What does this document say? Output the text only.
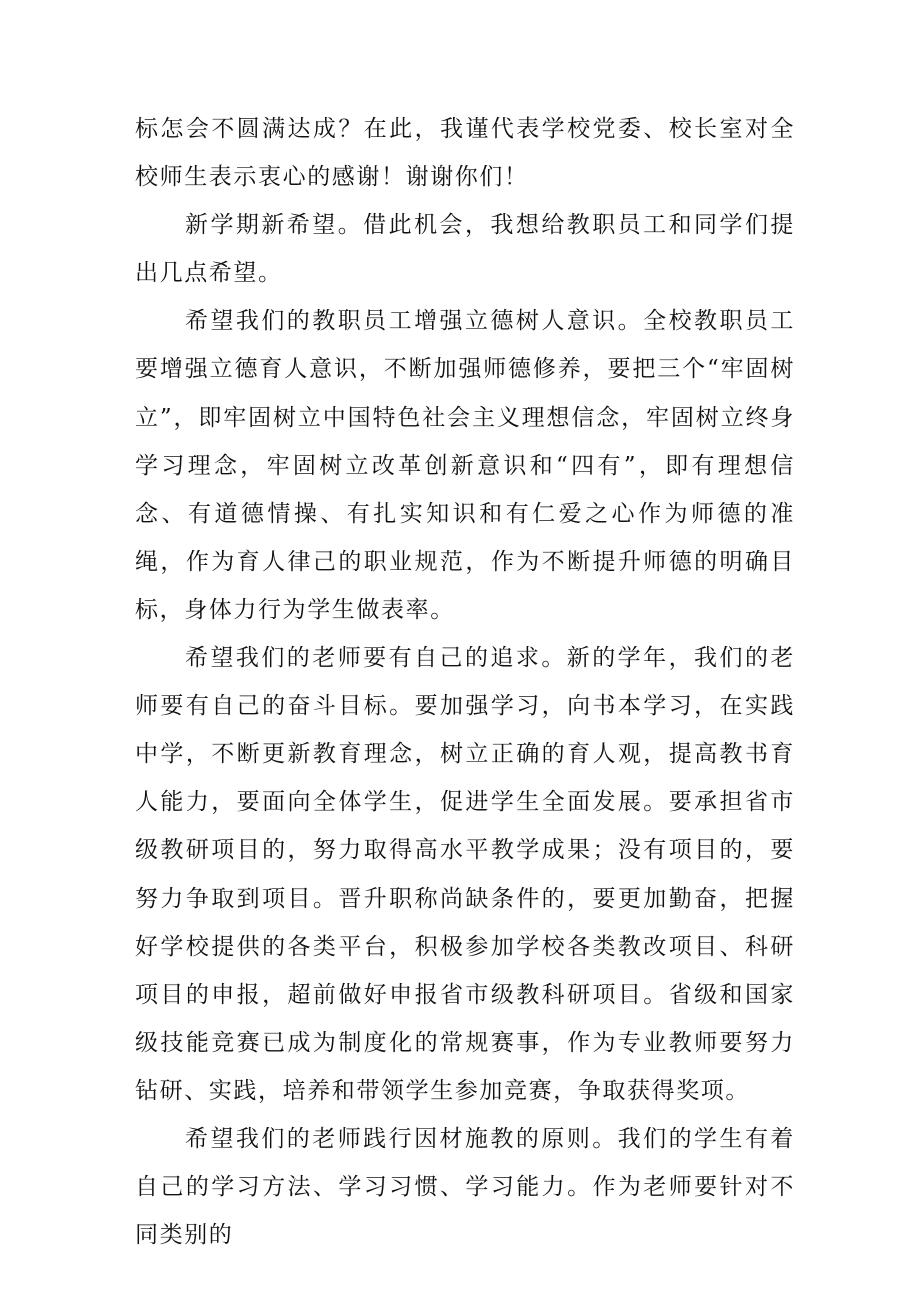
标怎会不圆满达成？在此，我谨代表学校党委、校长室对全校师生表示衷心的感谢！谢谢你们！

新学期新希望。借此机会，我想给教职员工和同学们提出几点希望。

希望我们的教职员工增强立德树人意识。全校教职员工要增强立德育人意识，不断加强师德修养，要把三个“牢固树立”，即牢固树立中国特色社会主义理想信念，牢固树立终身学习理念，牢固树立改革创新意识和“四有”，即有理想信念、有道德情操、有扎实知识和有仁爱之心作为师德的准绳，作为育人律己的职业规范，作为不断提升师德的明确目标，身体力行为学生做表率。

希望我们的老师要有自己的追求。新的学年，我们的老师要有自己的奋斗目标。要加强学习，向书本学习，在实践中学，不断更新教育理念，树立正确的育人观，提高教书育人能力，要面向全体学生，促进学生全面发展。要承担省市级教研项目的，努力取得高水平教学成果；没有项目的，要努力争取到项目。晋升职称尚缺条件的，要更加勤奋，把握好学校提供的各类平台，积极参加学校各类教改项目、科研项目的申报，超前做好申报省市级教科研项目。省级和国家级技能竞赛已成为制度化的常规赛事，作为专业教师要努力钻研、实践，培养和带领学生参加竞赛，争取获得奖项。

希望我们的老师践行因材施教的原则。我们的学生有着自己的学习方法、学习习惯、学习能力。作为老师要针对不同类别的
